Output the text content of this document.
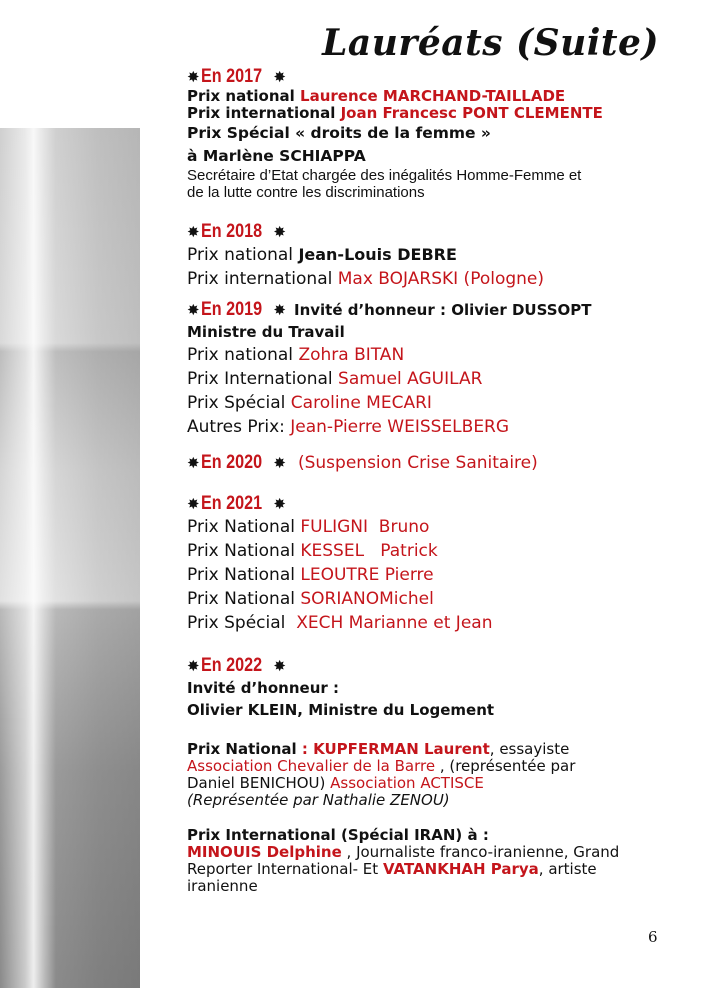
Lauréats (Suite)
✸ En 2017 ✸
Prix national Laurence MARCHAND-TAILLADE
Prix international Joan Francesc PONT CLEMENTE
Prix Spécial « droits de la femme »
à Marlène SCHIAPPA
Secrétaire d’Etat chargée des inégalités Homme-Femme et
de la lutte contre les discriminations
✸ En 2018 ✸
Prix national Jean-Louis DEBRE
Prix international Max BOJARSKI (Pologne)
✸ En 2019 ✸ Invité d’honneur : Olivier DUSSOPT
Ministre du Travail
Prix national Zohra BITAN
Prix International Samuel AGUILAR
Prix Spécial Caroline MECARI
Autres Prix: Jean-Pierre WEISSELBERG
✸ En 2020 ✸ (Suspension Crise Sanitaire)
✸ En 2021 ✸
Prix National FULIGNI  Bruno
Prix National KESSEL   Patrick
Prix National LEOUTRE Pierre
Prix National SORIANOMichel
Prix Spécial  XECH Marianne et Jean
✸ En 2022 ✸
Invité d’honneur :
Olivier KLEIN, Ministre du Logement
Prix National : KUPFERMAN Laurent, essayiste
Association Chevalier de la Barre , (représentée par
Daniel BENICHOU) Association ACTISCE
(Représentée par Nathalie ZENOU)
Prix International (Spécial IRAN) à :
MINOUIS Delphine , Journaliste franco-iranienne, Grand
Reporter International- Et VATANKHAH Parya, artiste
iranienne
6
